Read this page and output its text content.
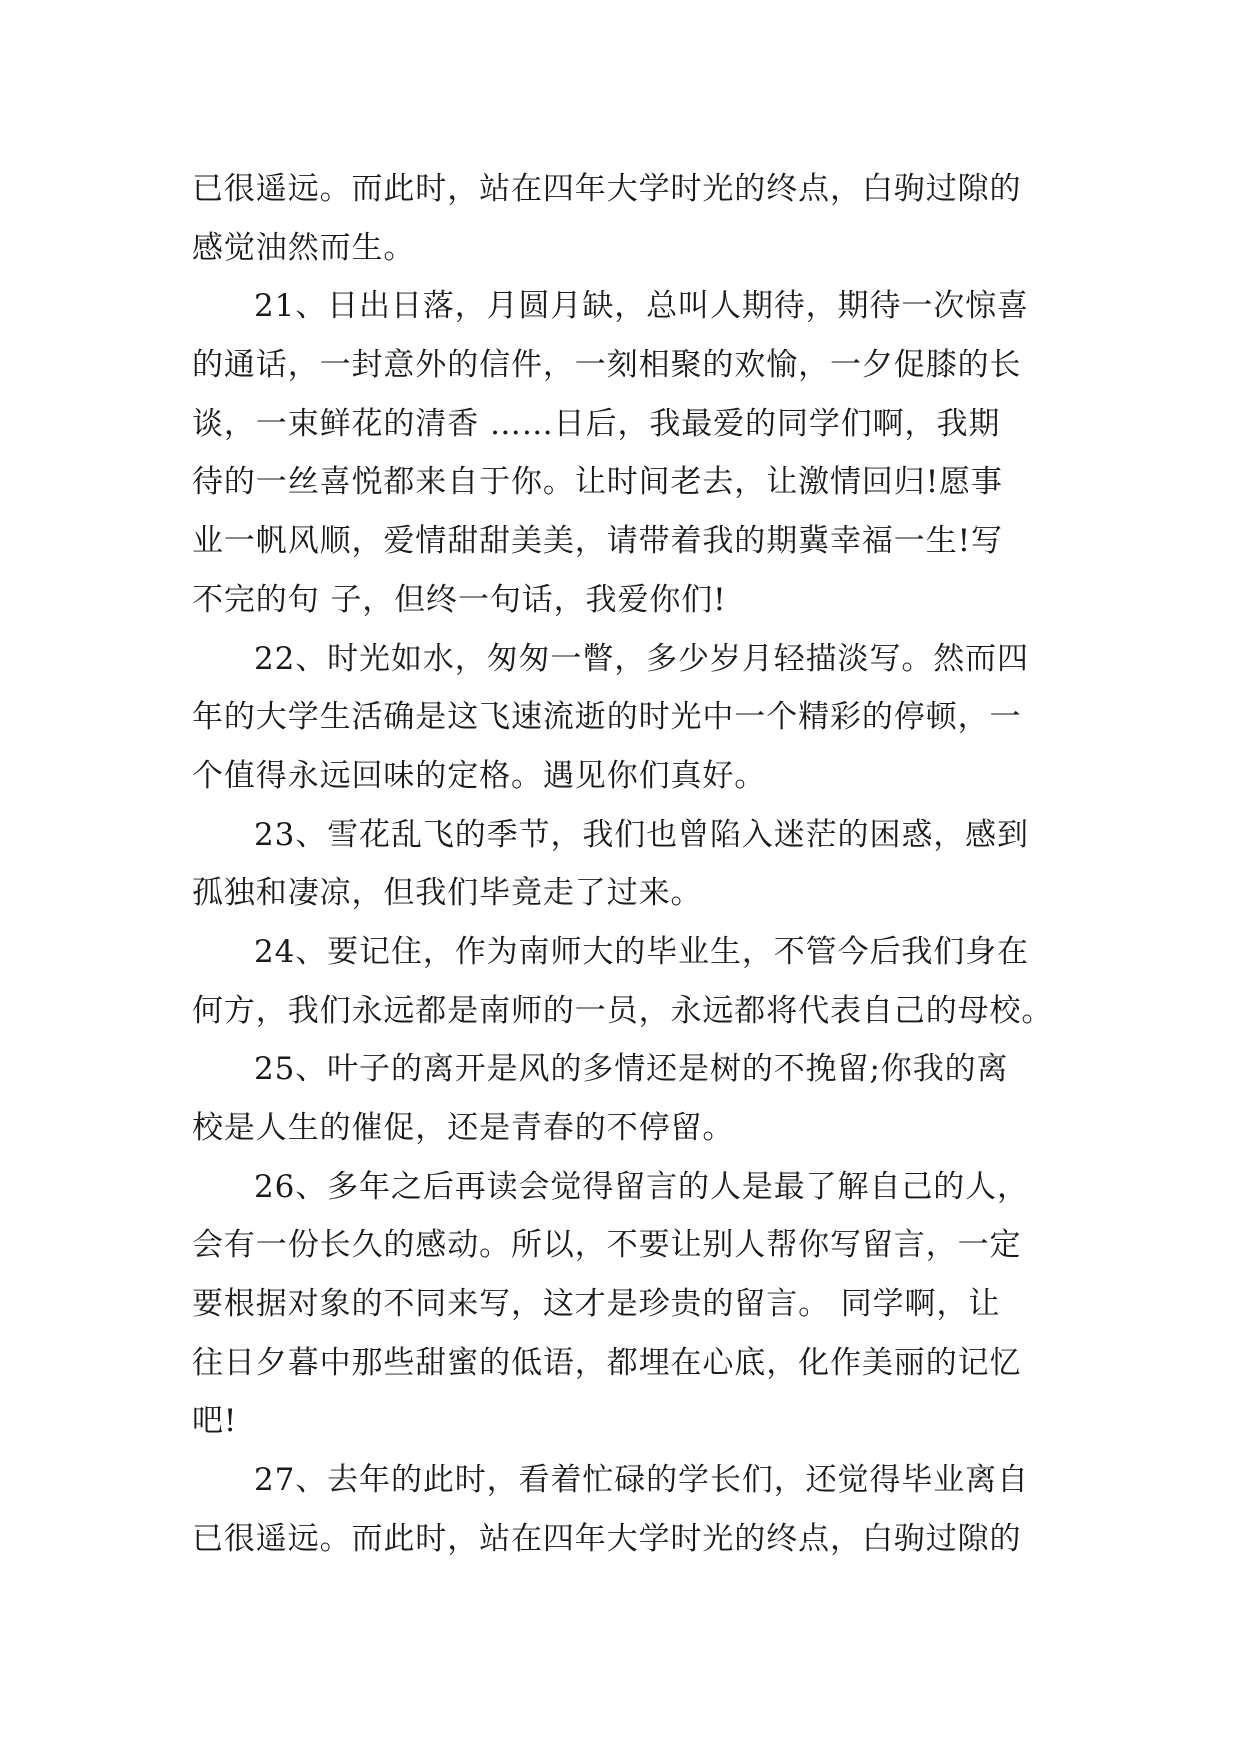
已很遥远。而此时，站在四年大学时光的终点，白驹过隙的
感觉油然而生。
21、日出日落，月圆月缺，总叫人期待，期待一次惊喜
的通话，一封意外的信件，一刻相聚的欢愉，一夕促膝的长
谈，一束鲜花的清香 ……日后，我最爱的同学们啊，我期
待的一丝喜悦都来自于你。让时间老去，让激情回归!愿事
业一帆风顺，爱情甜甜美美，请带着我的期冀幸福一生!写
不完的句 子，但终一句话，我爱你们!
22、时光如水，匆匆一瞥，多少岁月轻描淡写。然而四
年的大学生活确是这飞速流逝的时光中一个精彩的停顿，一
个值得永远回味的定格。遇见你们真好。
23、雪花乱飞的季节，我们也曾陷入迷茫的困惑，感到
孤独和凄凉，但我们毕竟走了过来。
24、要记住，作为南师大的毕业生，不管今后我们身在
何方，我们永远都是南师的一员，永远都将代表自己的母校。
25、叶子的离开是风的多情还是树的不挽留;你我的离
校是人生的催促，还是青春的不停留。
26、多年之后再读会觉得留言的人是最了解自己的人，
会有一份长久的感动。所以，不要让别人帮你写留言，一定
要根据对象的不同来写，这才是珍贵的留言。 同学啊，让
往日夕暮中那些甜蜜的低语，都埋在心底，化作美丽的记忆
吧!
27、去年的此时，看着忙碌的学长们，还觉得毕业离自
已很遥远。而此时，站在四年大学时光的终点，白驹过隙的
